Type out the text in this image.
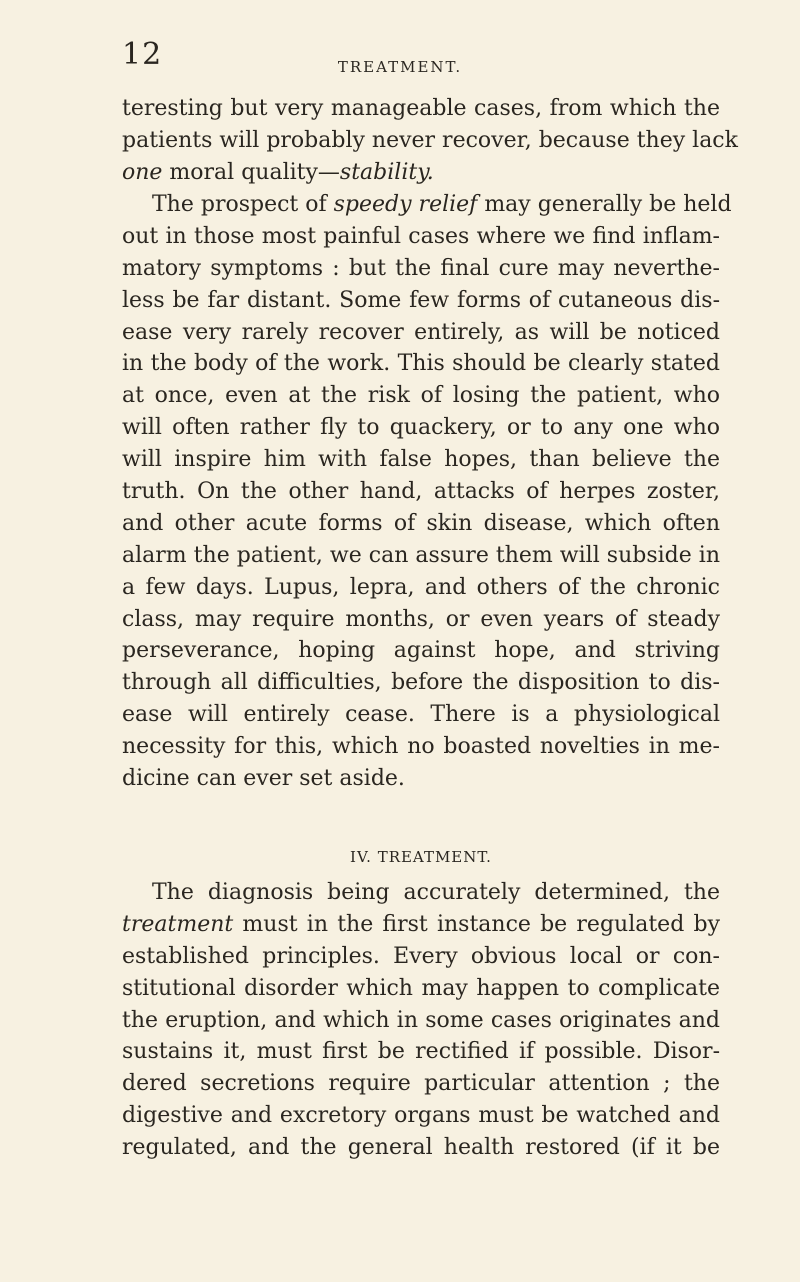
12	TREATMENT.

teresting but very manageable cases, from which the
patients will probably never recover, because they lack
one moral quality—stability.

The prospect of speedy relief may generally be held
out in those most painful cases where we find inflam-
matory symptoms : but the final cure may neverthe-
less be far distant. Some few forms of cutaneous dis-
ease very rarely recover entirely, as will be noticed
in the body of the work. This should be clearly stated
at once, even at the risk of losing the patient, who
will often rather fly to quackery, or to any one who
will inspire him with false hopes, than believe the
truth. On the other hand, attacks of herpes zoster,
and other acute forms of skin disease, which often
alarm the patient, we can assure them will subside in
a few days. Lupus, lepra, and others of the chronic
class, may require months, or even years of steady
perseverance, hoping against hope, and striving
through all difficulties, before the disposition to dis-
ease will entirely cease. There is a physiological
necessity for this, which no boasted novelties in me-
dicine can ever set aside.

IV. TREATMENT.

The diagnosis being accurately determined, the
treatment must in the first instance be regulated by
established principles. Every obvious local or con-
stitutional disorder which may happen to complicate
the eruption, and which in some cases originates and
sustains it, must first be rectified if possible. Disor-
dered secretions require particular attention ; the
digestive and excretory organs must be watched and
regulated, and the general health restored (if it be
